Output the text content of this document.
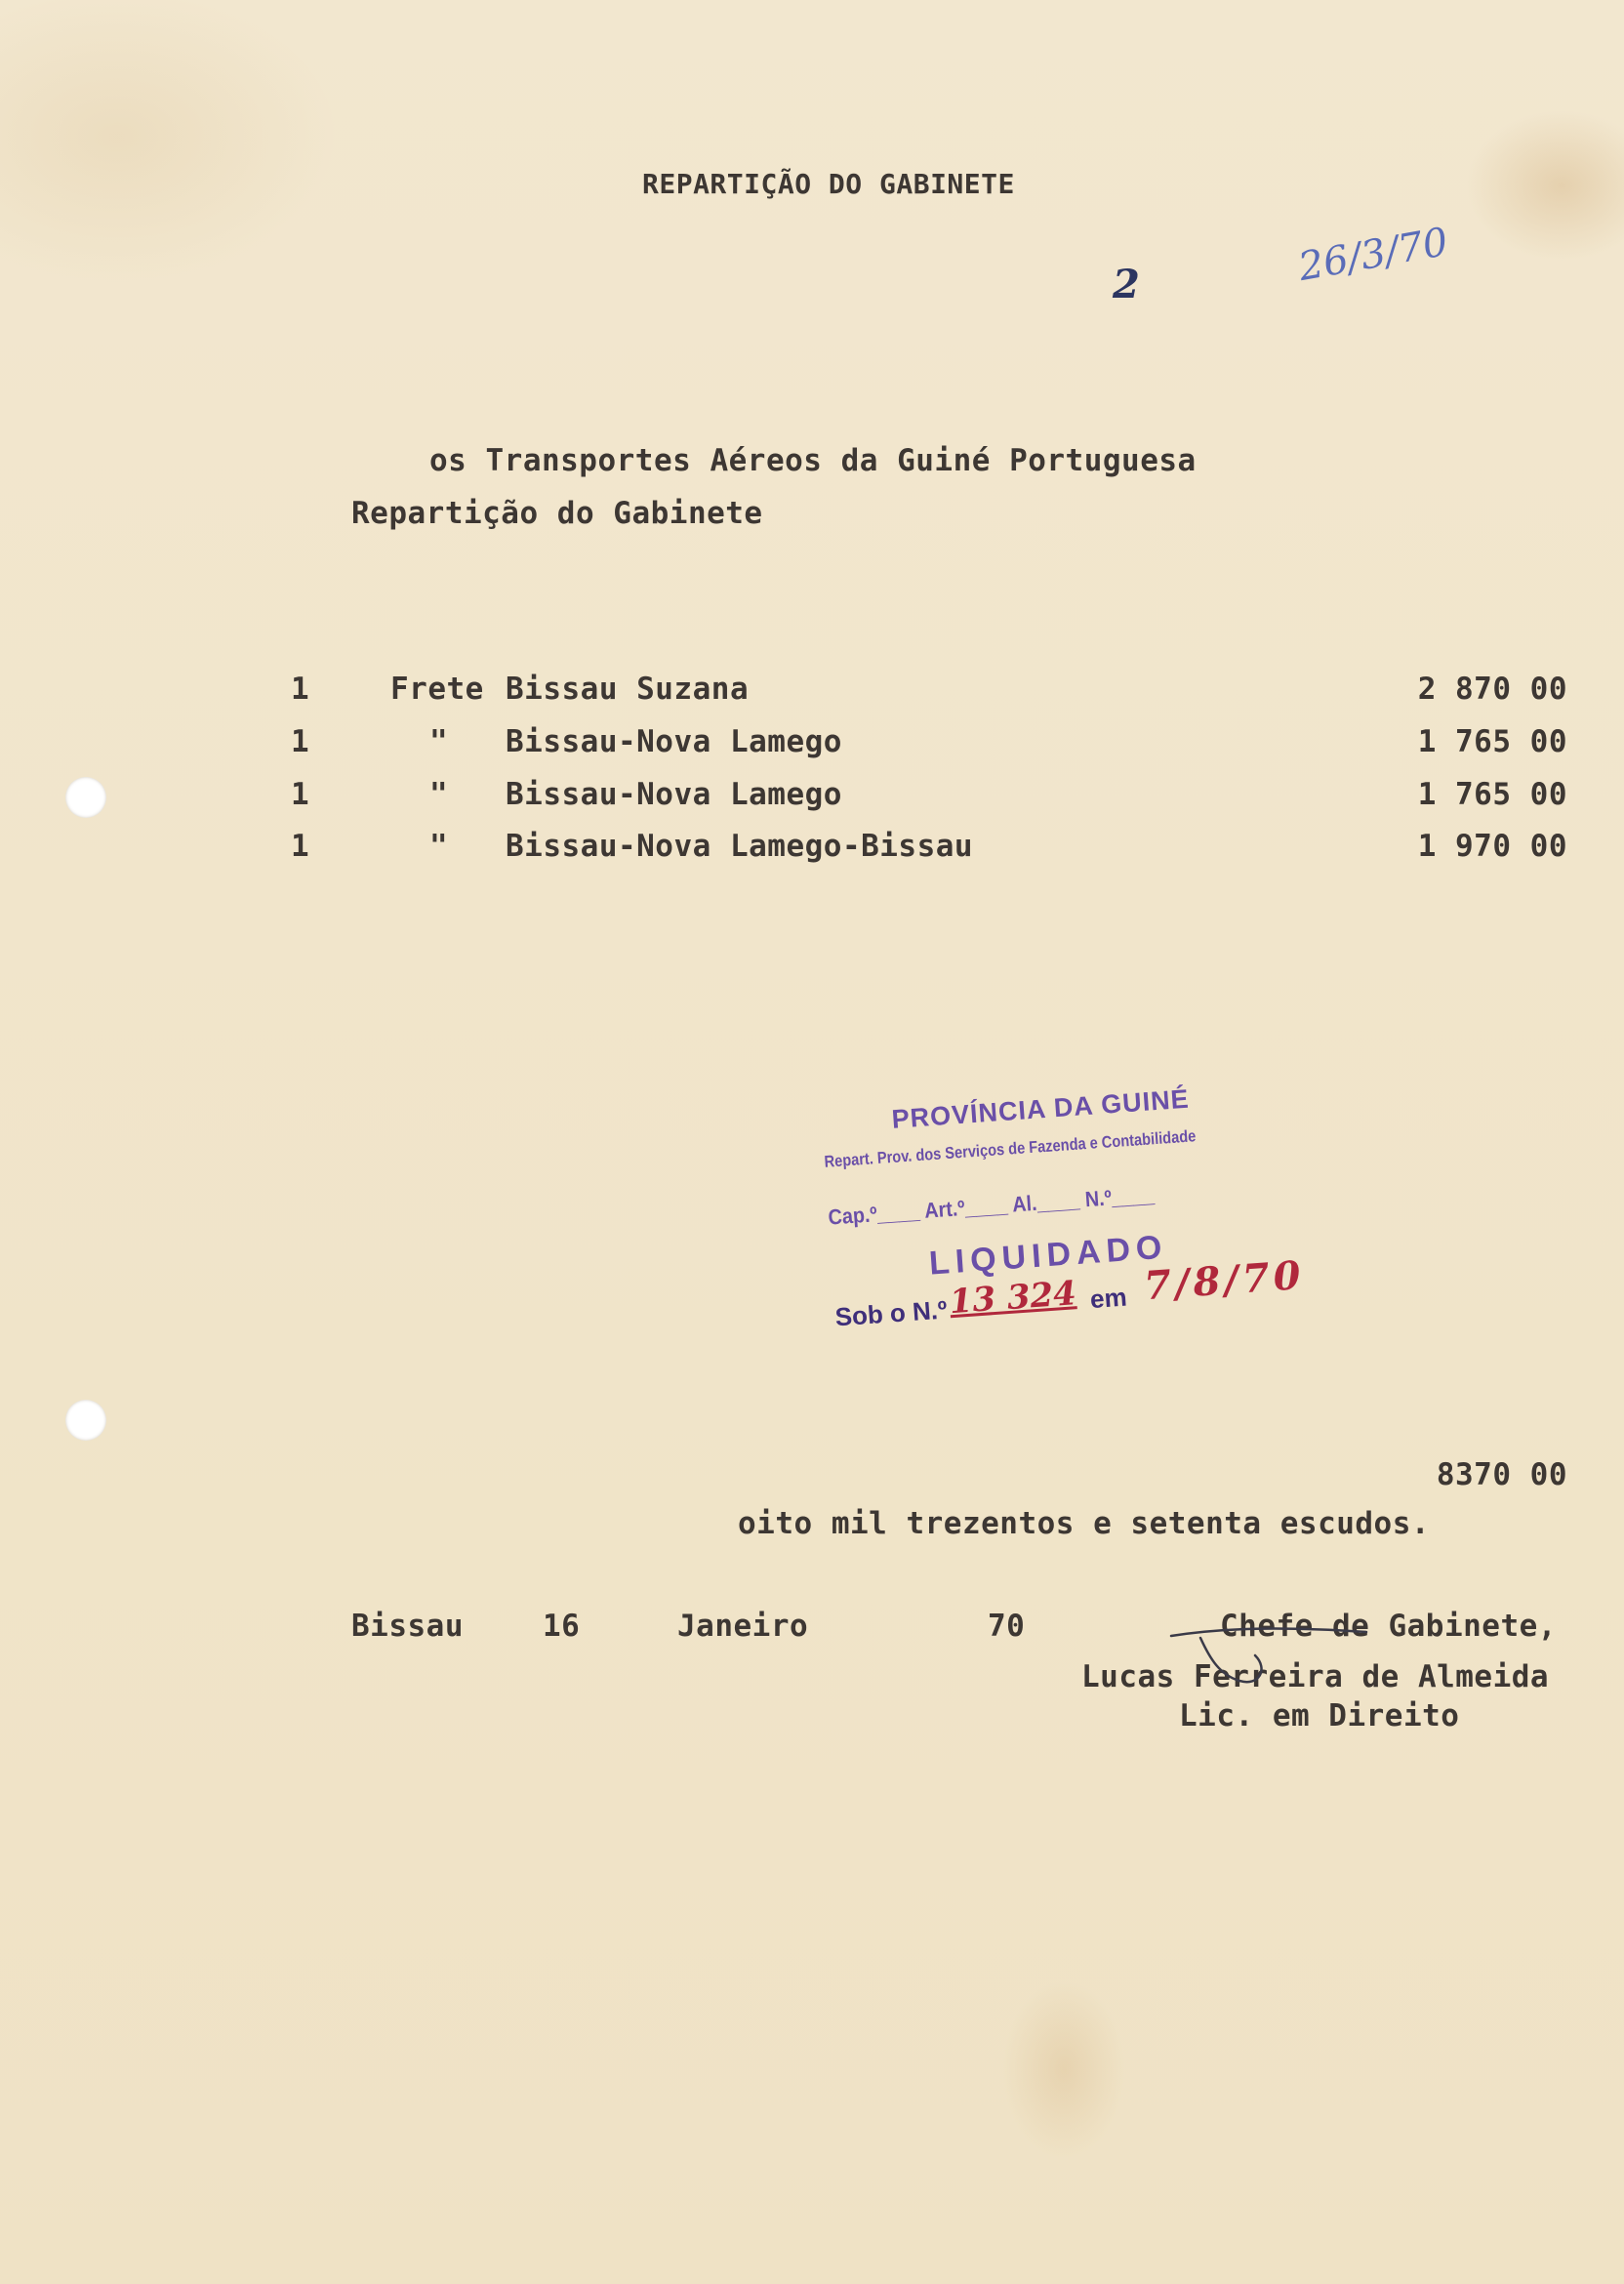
REPARTIÇÃO DO GABINETE
2	26/3/70
os Transportes Aéreos da Guiné Portuguesa
Repartição do Gabinete
1	Frete Bissau Suzana	2 870 00
1	" Bissau-Nova Lamego	1 765 00
1	" Bissau-Nova Lamego	1 765 00
1	" Bissau-Nova Lamego-Bissau	1 970 00
PROVÍNCIA DA GUINÉ
Repart. Prov. dos Serviços de Fazenda e Contabilidade
Cap.º____ Art.º____ Al.____ N.º____
LIQUIDADO
Sob o N.º 13 324 em 7/8/70
8370 00
oito mil trezentos e setenta escudos.
Bissau	16	Janeiro	70	Chefe de Gabinete,
Lucas Ferreira de Almeida
Lic. em Direito
